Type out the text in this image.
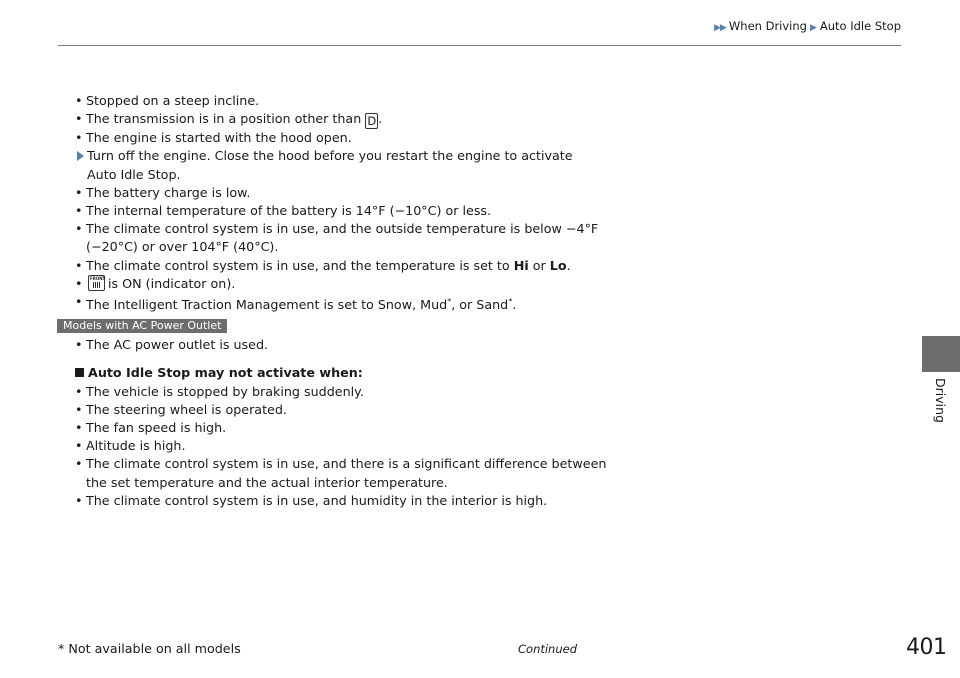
▶▶ When Driving ▶ Auto Idle Stop
Driving
• Stopped on a steep incline.
• The transmission is in a position other than D .
• The engine is started with the hood open.
Turn off the engine. Close the hood before you restart the engine to activate
Auto Idle Stop.
• The battery charge is low.
• The internal temperature of the battery is 14°F (−10°C) or less.
• The climate control system is in use, and the outside temperature is below −4°F
(−20°C) or over 104°F (40°C).
• The climate control system is in use, and the temperature is set to Hi or Lo.
• FRONT is ON (indicator on).
• The Intelligent Traction Management is set to Snow, Mud*, or Sand*.
Models with AC Power Outlet
• The AC power outlet is used.
Auto Idle Stop may not activate when:
• The vehicle is stopped by braking suddenly.
• The steering wheel is operated.
• The fan speed is high.
• Altitude is high.
• The climate control system is in use, and there is a significant difference between
the set temperature and the actual interior temperature.
• The climate control system is in use, and humidity in the interior is high.
* Not available on all models	Continued	401
